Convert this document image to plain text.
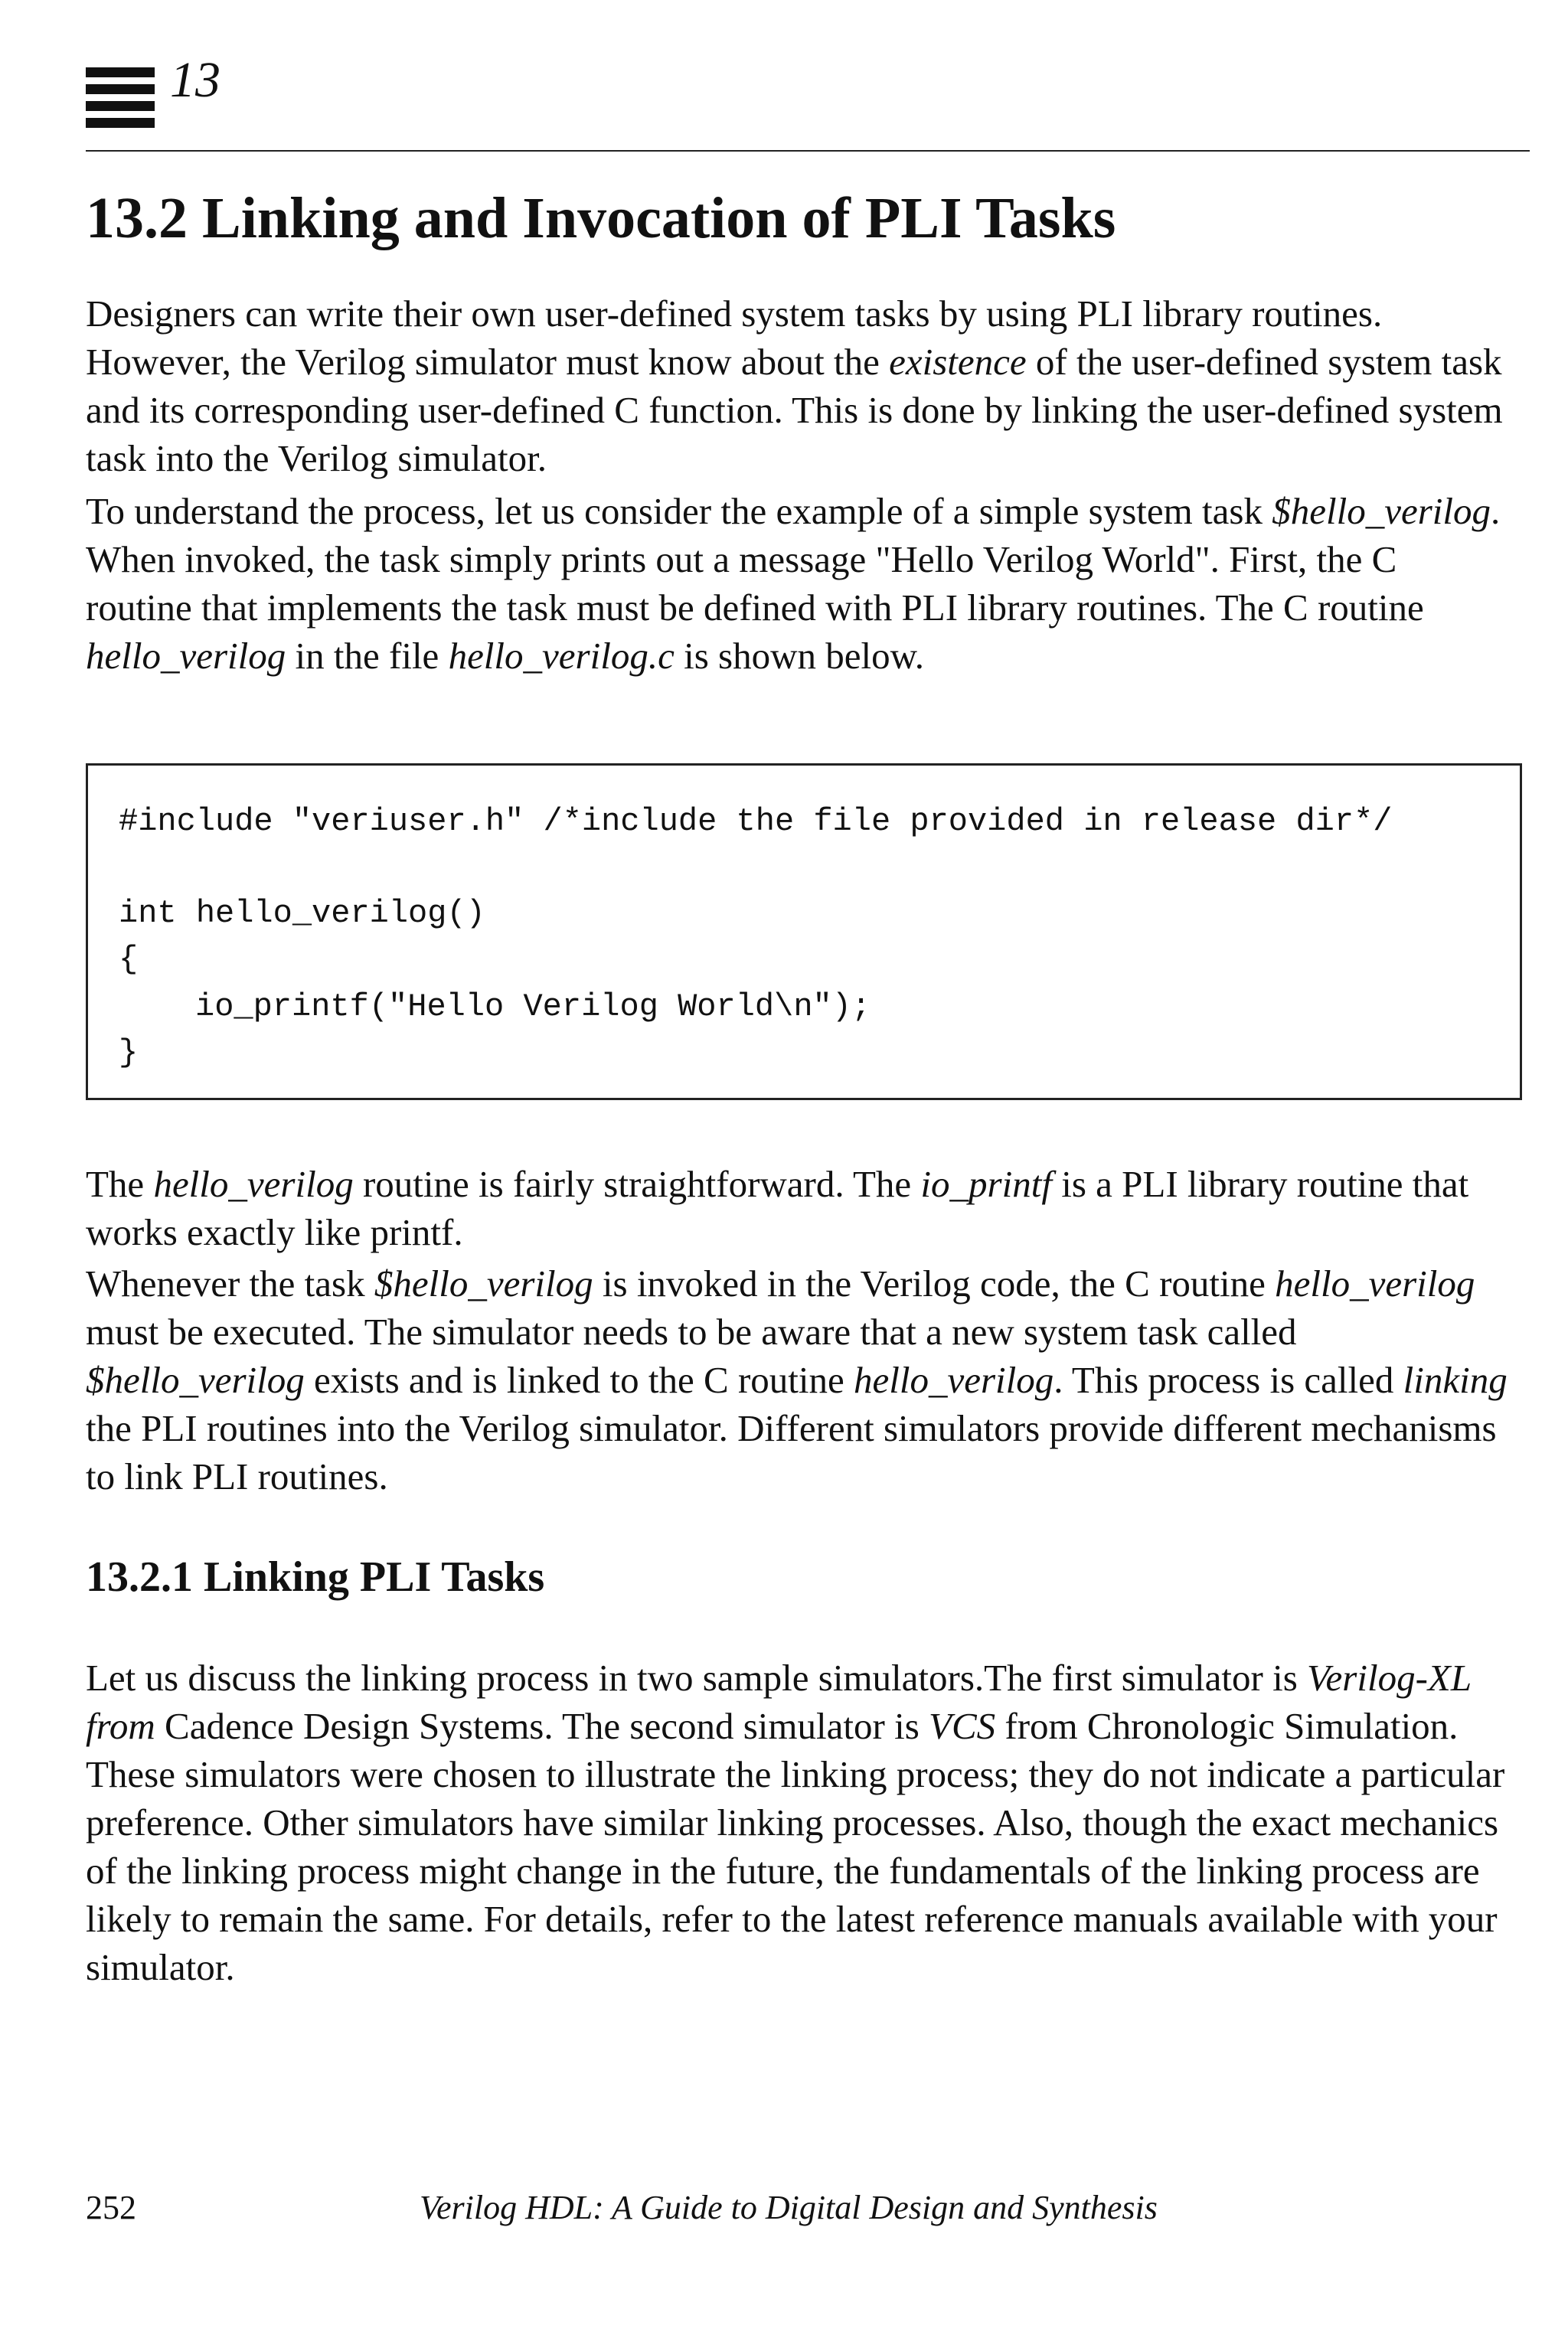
13
13.2 Linking and Invocation of PLI Tasks

Designers can write their own user-defined system tasks by using PLI library routines. However, the Verilog simulator must know about the existence of the user-defined system task and its corresponding user-defined C function. This is done by linking the user-defined system task into the Verilog simulator.

To understand the process, let us consider the example of a simple system task $hello_verilog. When invoked, the task simply prints out a message "Hello Verilog World". First, the C routine that implements the task must be defined with PLI library routines. The C routine hello_verilog in the file hello_verilog.c is shown below.

#include "veriuser.h" /*include the file provided in release dir*/
int hello_verilog()
{
io_printf("Hello Verilog World\n");
}

The hello_verilog routine is fairly straightforward. The io_printf is a PLI library routine that works exactly like printf.

Whenever the task $hello_verilog is invoked in the Verilog code, the C routine hello_verilog must be executed. The simulator needs to be aware that a new system task called $hello_verilog exists and is linked to the C routine hello_verilog. This process is called linking the PLI routines into the Verilog simulator. Different simulators provide different mechanisms to link PLI routines.

13.2.1 Linking PLI Tasks

Let us discuss the linking process in two sample simulators.The first simulator is Verilog-XL from Cadence Design Systems. The second simulator is VCS from Chronologic Simulation. These simulators were chosen to illustrate the linking process; they do not indicate a particular preference. Other simulators have similar linking processes. Also, though the exact mechanics of the linking process might change in the future, the fundamentals of the linking process are likely to remain the same. For details, refer to the latest reference manuals available with your simulator.

252	Verilog HDL: A Guide to Digital Design and Synthesis
